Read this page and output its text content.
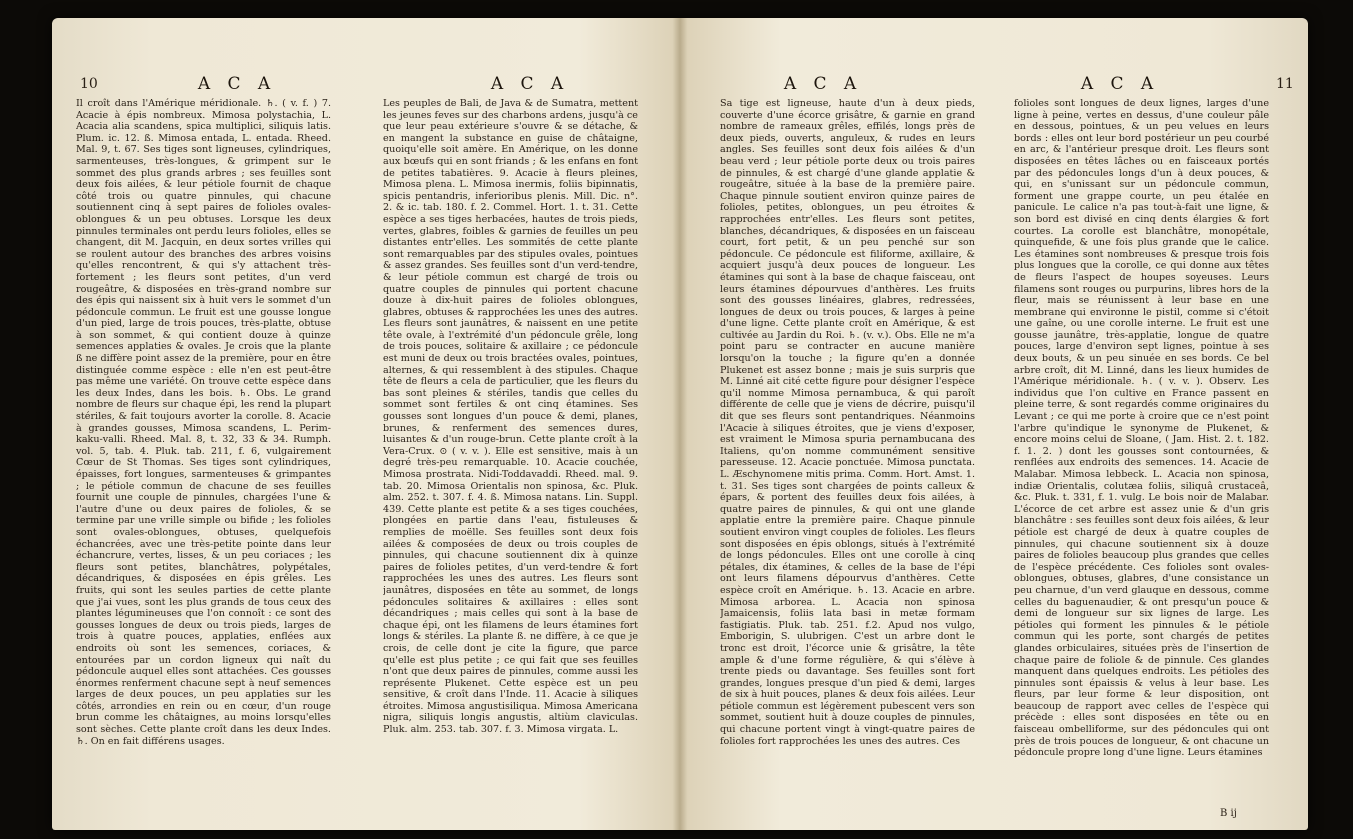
10	A C A	A C A

Il croît dans l'Amérique méridionale. ♄. ( v. f. ) 7. Acacie à épis nombreux. Mimosa polystachia, L. Acacia alia scandens, spica multiplici, siliquis latis. Plum. ic. 12. ß. Mimosa entada, L. entada. Rheed. Mal. 9, t. 67. Ses tiges sont ligneuses, cylindriques, sarmenteuses, très-longues, & grimpent sur le sommet des plus grands arbres ; ses feuilles sont deux fois ailées, & leur pétiole fournit de chaque côté trois ou quatre pinnules, qui chacune soutiennent cinq à sept paires de folioles ovales-oblongues & un peu obtuses. Lorsque les deux pinnules terminales ont perdu leurs folioles, elles se changent, dit M. Jacquin, en deux sortes vrilles qui se roulent autour des branches des arbres voisins qu'elles rencontrent, & qui s'y attachent très-fortement ; les fleurs sont petites, d'un verd rougeâtre, & disposées en très-grand nombre sur des épis qui naissent six à huit vers le sommet d'un pédoncule commun. Le fruit est une gousse longue d'un pied, large de trois pouces, très-platte, obtuse à son sommet, & qui contient douze à quinze semences applaties & ovales. Je crois que la plante ß ne diffère point assez de la première, pour en être distinguée comme espèce : elle n'en est peut-être pas même une variété. On trouve cette espèce dans les deux Indes, dans les bois. ♄. Obs. Le grand nombre de fleurs sur chaque épi, les rend la plupart stériles, & fait toujours avorter la corolle. 8. Acacie à grandes gousses, Mimosa scandens, L. Perim-kaku-valli. Rheed. Mal. 8, t. 32, 33 & 34. Rumph. vol. 5, tab. 4. Pluk. tab. 211, f. 6, vulgairement Cœur de St Thomas. Ses tiges sont cylindriques, épaisses, fort longues, sarmenteuses & grimpantes ; le pétiole commun de chacune de ses feuilles fournit une couple de pinnules, chargées l'une & l'autre d'une ou deux paires de folioles, & se termine par une vrille simple ou bifide ; les folioles sont ovales-oblongues, obtuses, quelquefois échancrées, avec une très-petite pointe dans leur échancrure, vertes, lisses, & un peu coriaces ; les fleurs sont petites, blanchâtres, polypétales, décandriques, & disposées en épis grêles. Les fruits, qui sont les seules parties de cette plante que j'ai vues, sont les plus grands de tous ceux des plantes légumineuses que l'on connoît : ce sont des gousses longues de deux ou trois pieds, larges de trois à quatre pouces, applaties, enflées aux endroits où sont les semences, coriaces, & entourées par un cordon ligneux qui naît du pédoncule auquel elles sont attachées. Ces gousses énormes renferment chacune sept à neuf semences larges de deux pouces, un peu applaties sur les côtés, arrondies en rein ou en cœur, d'un rouge brun comme les châtaignes, au moins lorsqu'elles sont sèches. Cette plante croît dans les deux Indes. ♄. On en fait différens usages.

Les peuples de Bali, de Java & de Sumatra, mettent les jeunes feves sur des charbons ardens, jusqu'à ce que leur peau extérieure s'ouvre & se détache, & en mangent la substance en guise de châtaigne, quoiqu'elle soit amère. En Amérique, on les donne aux bœufs qui en sont friands ; & les enfans en font de petites tabatières. 9. Acacie à fleurs pleines, Mimosa plena. L. Mimosa inermis, foliis bipinnatis, spicis pentandris, inferioribus plenis. Mill. Dic. n°. 2. & ic. tab. 180. f. 2. Commel. Hort. 1. t. 31. Cette espèce a ses tiges herbacées, hautes de trois pieds, vertes, glabres, foibles & garnies de feuilles un peu distantes entr'elles. Les sommités de cette plante sont remarquables par des stipules ovales, pointues & assez grandes. Ses feuilles sont d'un verd-tendre, & leur pétiole commun est chargé de trois ou quatre couples de pinnules qui portent chacune douze à dix-huit paires de folioles oblongues, glabres, obtuses & rapprochées les unes des autres. Les fleurs sont jaunâtres, & naissent en une petite tête ovale, à l'extrémité d'un pédoncule grêle, long de trois pouces, solitaire & axillaire ; ce pédoncule est muni de deux ou trois bractées ovales, pointues, alternes, & qui ressemblent à des stipules. Chaque tête de fleurs a cela de particulier, que les fleurs du bas sont pleines & stériles, tandis que celles du sommet sont fertiles & ont cinq étamines. Ses gousses sont longues d'un pouce & demi, planes, brunes, & renferment des semences dures, luisantes & d'un rouge-brun. Cette plante croît à la Vera-Crux. ⊙ ( v. v. ). Elle est sensitive, mais à un degré très-peu remarquable. 10. Acacie couchée, Mimosa prostrata. Nidi-Toddavaddi. Rheed. mal. 9. tab. 20. Mimosa Orientalis non spinosa, &c. Pluk. alm. 252. t. 307. f. 4. ß. Mimosa natans. Lin. Suppl. 439. Cette plante est petite & a ses tiges couchées, plongées en partie dans l'eau, fistuleuses & remplies de moëlle. Ses feuilles sont deux fois ailées & composées de deux ou trois couples de pinnules, qui chacune soutiennent dix à quinze paires de folioles petites, d'un verd-tendre & fort rapprochées les unes des autres. Les fleurs sont jaunâtres, disposées en tête au sommet, de longs pédoncules solitaires & axillaires : elles sont décandriques ; mais celles qui sont à la base de chaque épi, ont les filamens de leurs étamines fort longs & stériles. La plante ß. ne diffère, à ce que je crois, de celle dont je cite la figure, que parce qu'elle est plus petite ; ce qui fait que ses feuilles n'ont que deux paires de pinnules, comme aussi les représente Plukenet. Cette espèce est un peu sensitive, & croît dans l'Inde. 11. Acacie à siliques étroites. Mimosa angustisiliqua. Mimosa Americana nigra, siliquis longis angustis, altiùm claviculas. Pluk. alm. 253. tab. 307. f. 3. Mimosa virgata. L.

A C A	A C A	11

Sa tige est ligneuse, haute d'un à deux pieds, couverte d'une écorce grisâtre, & garnie en grand nombre de rameaux grêles, effilés, longs près de deux pieds, ouverts, anguleux, & rudes en leurs angles. Ses feuilles sont deux fois ailées & d'un beau verd ; leur pétiole porte deux ou trois paires de pinnules, & est chargé d'une glande applatie & rougeâtre, située à la base de la première paire. Chaque pinnule soutient environ quinze paires de folioles, petites, oblongues, un peu étroites & rapprochées entr'elles. Les fleurs sont petites, blanches, décandriques, & disposées en un faisceau court, fort petit, & un peu penché sur son pédoncule. Ce pédoncule est filiforme, axillaire, & acquiert jusqu'à deux pouces de longueur. Les étamines qui sont à la base de chaque faisceau, ont leurs étamines dépourvues d'anthères. Les fruits sont des gousses linéaires, glabres, redressées, longues de deux ou trois pouces, & larges à peine d'une ligne. Cette plante croît en Amérique, & est cultivée au Jardin du Roi. ♄. (v. v.). Obs. Elle ne m'a point paru se contracter en aucune manière lorsqu'on la touche ; la figure qu'en a donnée Plukenet est assez bonne ; mais je suis surpris que M. Linné ait cité cette figure pour désigner l'espèce qu'il nomme Mimosa pernambuca, & qui paroît différente de celle que je viens de décrire, puisqu'il dit que ses fleurs sont pentandriques. Néanmoins l'Acacie à siliques étroites, que je viens d'exposer, est vraiment le Mimosa spuria pernambucana des Italiens, qu'on nomme communément sensitive paresseuse. 12. Acacie ponctuée. Mimosa punctata. L. Æschynomene mitis prima. Comm. Hort. Amst. 1. t. 31. Ses tiges sont chargées de points calleux & épars, & portent des feuilles deux fois ailées, à quatre paires de pinnules, & qui ont une glande applatie entre la première paire. Chaque pinnule soutient environ vingt couples de folioles. Les fleurs sont disposées en épis oblongs, situés à l'extrémité de longs pédoncules. Elles ont une corolle à cinq pétales, dix étamines, & celles de la base de l'épi ont leurs filamens dépourvus d'anthères. Cette espèce croît en Amérique. ♄. 13. Acacie en arbre. Mimosa arborea. L. Acacia non spinosa Jamaicensis, foliis lata basi in metæ formam fastigiatis. Pluk. tab. 251. f.2. Apud nos vulgo, Emborigin, S. ulubrigen. C'est un arbre dont le tronc est droit, l'écorce unie & grisâtre, la tête ample & d'une forme régulière, & qui s'élève à trente pieds ou davantage. Ses feuilles sont fort grandes, longues presque d'un pied & demi, larges de six à huit pouces, planes & deux fois ailées. Leur pétiole commun est légèrement pubescent vers son sommet, soutient huit à douze couples de pinnules, qui chacune portent vingt à vingt-quatre paires de folioles fort rapprochées les unes des autres. Ces

folioles sont longues de deux lignes, larges d'une ligne à peine, vertes en dessus, d'une couleur pâle en dessous, pointues, & un peu velues en leurs bords : elles ont leur bord postérieur un peu courbé en arc, & l'antérieur presque droit. Les fleurs sont disposées en têtes lâches ou en faisceaux portés par des pédoncules longs d'un à deux pouces, & qui, en s'unissant sur un pédoncule commun, forment une grappe courte, un peu étalée en panicule. Le calice n'a pas tout-à-fait une ligne, & son bord est divisé en cinq dents élargies & fort courtes. La corolle est blanchâtre, monopétale, quinquefide, & une fois plus grande que le calice. Les étamines sont nombreuses & presque trois fois plus longues que la corolle, ce qui donne aux têtes de fleurs l'aspect de houpes soyeuses. Leurs filamens sont rouges ou purpurins, libres hors de la fleur, mais se réunissent à leur base en une membrane qui environne le pistil, comme si c'étoit une gaîne, ou une corolle interne. Le fruit est une gousse jaunâtre, très-applatie, longue de quatre pouces, large d'environ sept lignes, pointue à ses deux bouts, & un peu sinuée en ses bords. Ce bel arbre croît, dit M. Linné, dans les lieux humides de l'Amérique méridionale. ♄. ( v. v. ). Observ. Les individus que l'on cultive en France passent en pleine terre, & sont regardés comme originaires du Levant ; ce qui me porte à croire que ce n'est point l'arbre qu'indique le synonyme de Plukenet, & encore moins celui de Sloane, ( Jam. Hist. 2. t. 182. f. 1. 2. ) dont les gousses sont contournées, & renflées aux endroits des semences. 14. Acacie de Malabar. Mimosa lebbeck. L. Acacia non spinosa, indiæ Orientalis, colutæa foliis, siliquâ crustaceâ, &c. Pluk. t. 331, f. 1. vulg. Le bois noir de Malabar. L'écorce de cet arbre est assez unie & d'un gris blanchâtre : ses feuilles sont deux fois ailées, & leur pétiole est chargé de deux à quatre couples de pinnules, qui chacune soutiennent six à douze paires de folioles beaucoup plus grandes que celles de l'espèce précédente. Ces folioles sont ovales-oblongues, obtuses, glabres, d'une consistance un peu charnue, d'un verd glauque en dessous, comme celles du baguenaudier, & ont presqu'un pouce & demi de longueur sur six lignes de large. Les pétioles qui forment les pinnules & le pétiole commun qui les porte, sont chargés de petites glandes orbiculaires, situées près de l'insertion de chaque paire de foliole & de pinnule. Ces glandes manquent dans quelques endroits. Les pétioles des pinnules sont épaissis & velus à leur base. Les fleurs, par leur forme & leur disposition, ont beaucoup de rapport avec celles de l'espèce qui précède : elles sont disposées en tête ou en faisceau ombelliforme, sur des pédoncules qui ont près de trois pouces de longueur, & ont chacune un pédoncule propre long d'une ligne. Leurs étamines

B ij
